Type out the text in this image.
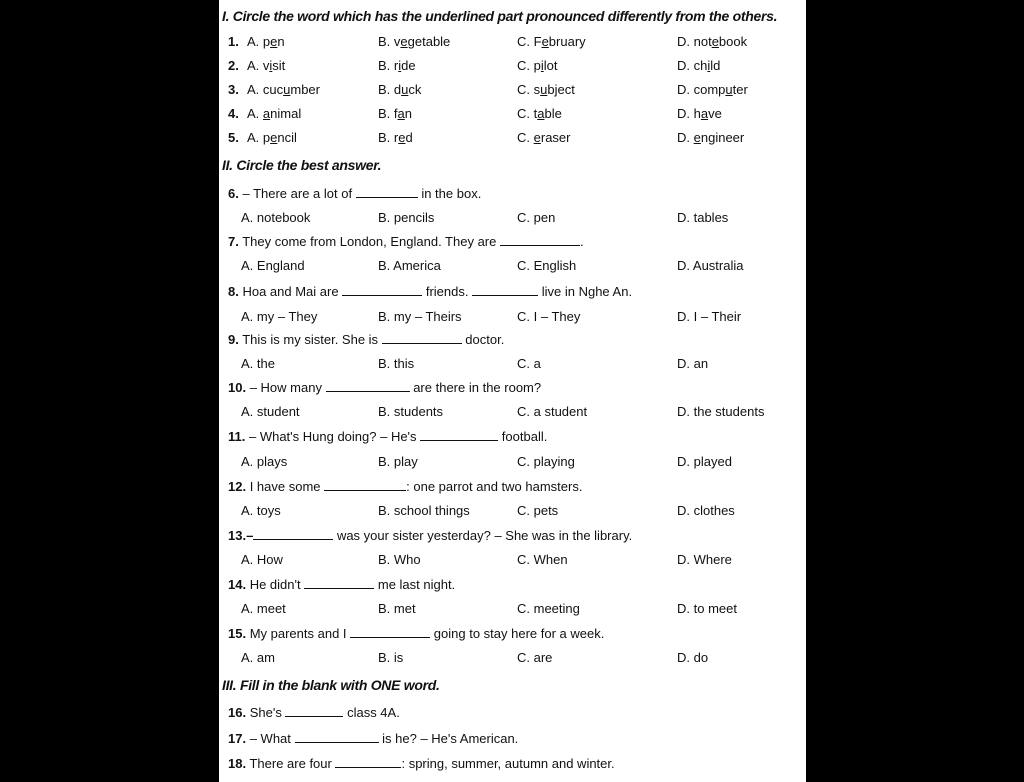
I. Circle the word which has the underlined part pronounced differently from the others.
1. A. pen	B. vegetable	C. February	D. notebook
2. A. visit	B. ride	C. pilot	D. child
3. A. cucumber	B. duck	C. subject	D. computer
4. A. animal	B. fan	C. table	D. have
5. A. pencil	B. red	C. eraser	D. engineer
II. Circle the best answer.
6. – There are a lot of	in the box.
A. notebook	B. pencils	C. pen	D. tables
7. They come from London, England. They are	.
A. England	B. America	C. English	D. Australia
8. Hoa and Mai are	friends.	live in Nghe An.
A. my – They	B. my – Theirs	C. I – They	D. I – Their
9. This is my sister. She is	doctor.
A. the	B. this	C. a	D. an
10. – How many	are there in the room?
A. student	B. students	C. a student	D. the students
11. – What's Hung doing? – He's	football.
A. plays	B. play	C. playing	D. played
12. I have some	: one parrot and two hamsters.
A. toys	B. school things	C. pets	D. clothes
13.–	was your sister yesterday? – She was in the library.
A. How	B. Who	C. When	D. Where
14. He didn't	me last night.
A. meet	B. met	C. meeting	D. to meet
15. My parents and I	going to stay here for a week.
A. am	B. is	C. are	D. do
III. Fill in the blank with ONE word.
16. She's	class 4A.
17. – What	is he? – He's American.
18. There are four	: spring, summer, autumn and winter.
